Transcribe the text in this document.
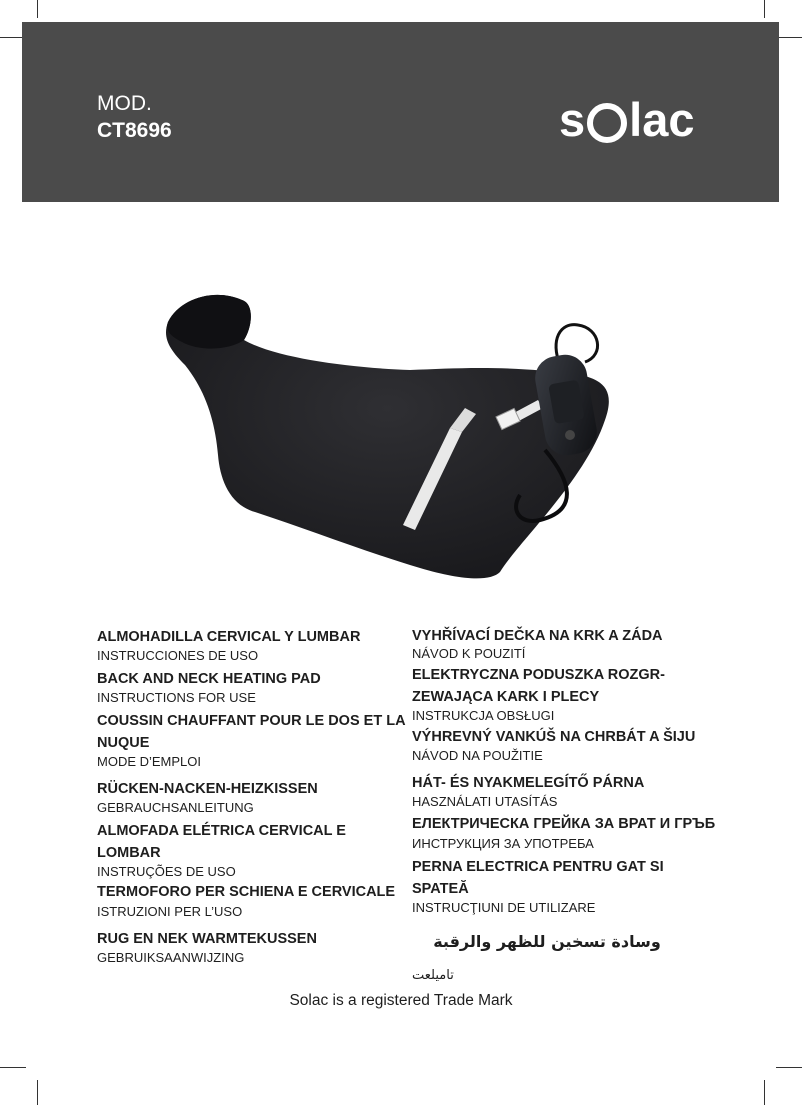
MOD.
CT8696	s lac

ALMOHADILLA CERVICAL Y LUMBAR

INSTRUCCIONES DE USO

BACK AND NECK HEATING PAD

INSTRUCTIONS FOR USE

COUSSIN CHAUFFANT POUR LE DOS ET LA NUQUE

MODE D’EMPLOI

RÜCKEN-NACKEN-HEIZKISSEN

GEBRAUCHSANLEITUNG

ALMOFADA ELÉTRICA CERVICAL E LOMBAR

INSTRUÇÕES DE USO

TERMOFORO PER SCHIENA E CERVICALE

ISTRUZIONI PER L’USO

RUG EN NEK WARMTEKUSSEN

GEBRUIKSAANWIJZING

VYHŘÍVACÍ DEČKA NA KRK A ZÁDA

NÁVOD K POUZITÍ

ELEKTRYCZNA PODUSZKA ROZGR-ZEWAJĄCA KARK I PLECY

INSTRUKCJA OBSŁUGI

VÝHREVNÝ VANKÚŠ NA CHRBÁT A ŠIJU

NÁVOD NA POUŽITIE

HÁT- ÉS NYAKMELEGÍTŐ PÁRNA

HASZNÁLATI UTASÍTÁS

ЕЛЕКТРИЧЕСКА ГРЕЙКА ЗА ВРАТ И ГРЪБ

ИНСТРУКЦИЯ ЗА УПОТРЕБА

PERNA ELECTRICA PENTRU GAT SI SPATEĂ

INSTRUCŢIUNI DE UTILIZARE

وسادة تسخين للظهر والرقبة

تاميلعت

Solac is a registered Trade Mark
